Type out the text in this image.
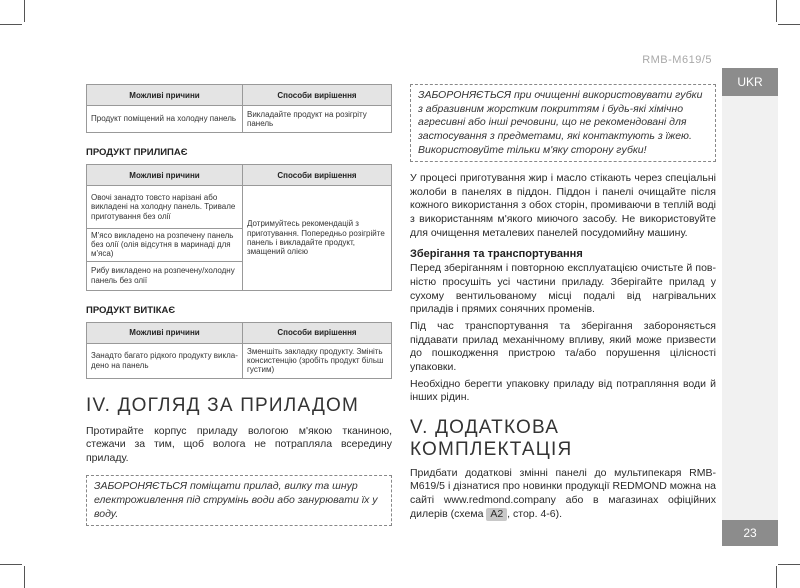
RMB-M619/5
UKR
23
Можливі причини	Способи вирішення
Продукт поміщений на холодну панель	Викладайте продукт на розігріту панель
ПРОДУКТ ПРИЛИПАЄ
Можливі причини	Способи вирішення
Овочі занадто товсто нарізані або викладені на холодну панель. Тривале приготування без олії	Дотримуйтесь рекомендацій з приготування. Попередньо розігрійте панель і викладайте продукт, змащений олією
М'ясо викладено на розпечену панель без олії (олія відсутня в маринаді для м'яса)	
Рибу викладено на розпечену/холодну панель без олії	
ПРОДУКТ ВИТІКАЄ
Можливі причини	Способи вирішення
Занадто багато рідкого продукту викладено на панель	Зменшіть закладку продукту. Змініть консистенцію (зробіть продукт більш густим)
IV. ДОГЛЯД ЗА ПРИЛАДОМ

Протирайте корпус приладу вологою м'якою тканиною, стежачи за тим, щоб волога не потрапляла всередину приладу.

ЗАБОРОНЯЄТЬСЯ поміщати прилад, вилку та шнур електроживлення під струмінь води або занурювати їх у воду.
ЗАБОРОНЯЄТЬСЯ при очищенні використовувати губки з абразивним жорстким покриттям і будь-які хімічно агресивні або інші речовини, що не рекомендовані для застосування з предметами, які контактують з їжею. Використовуйте тільки м'яку сторону губки!

У процесі приготування жир і масло стікають через спеціальні жолоби в панелях в піддон. Піддон і панелі очищайте після кожного використання з обох сторін, промиваючи в теплій воді з використанням м'якого миючого засобу. Не використовуйте для очищення металевих панелей посудомийну машину.

Зберігання та транспортування

Перед зберіганням і повторною експлуатацією очистьте й повністю просушіть усі частини приладу. Зберігайте прилад у сухому вентильованому місці подалі від нагрівальних приладів і прямих сонячних променів.

Під час транспортування та зберігання забороняється піддавати прилад механічному впливу, який може призвести до пошкодження пристрою та/або порушення цілісності упаковки.

Необхідно берегти упаковку приладу від потрапляння води й інших рідин.

V. ДОДАТКОВА КОМПЛЕКТАЦІЯ

Придбати додаткові змінні панелі до мультипекаря RMB-M619/5 і дізнатися про новинки продукції REDMOND можна на сайті www.redmond.company або в магазинах офіційних дилерів (схема A2 , стор. 4-6).
